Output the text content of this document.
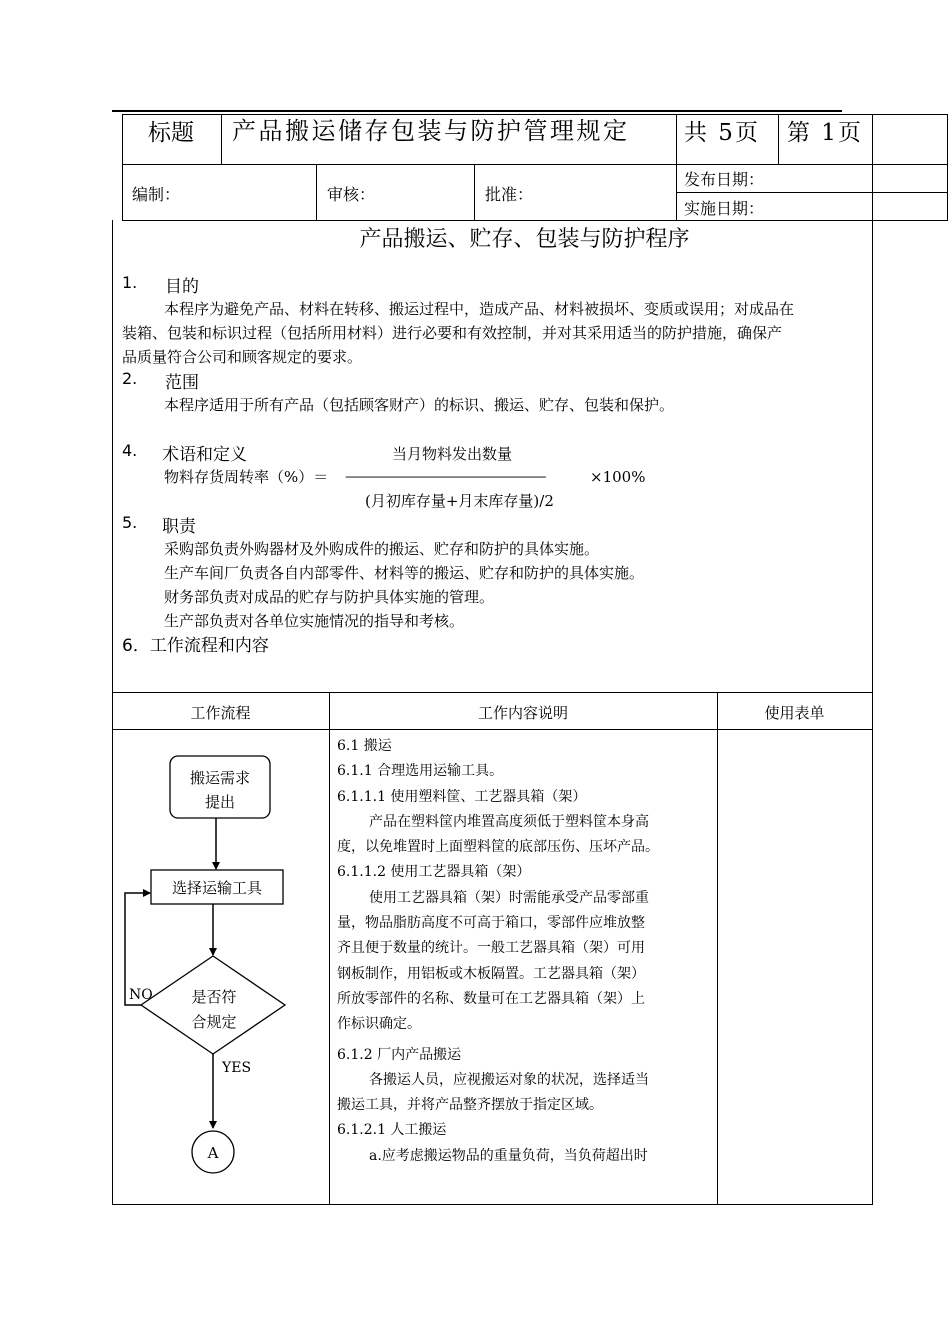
标题 产品搬运储存包装与防护管理规定 共 5页 第 1页
编制：	审核：	批准：
发布日期：
实施日期：
产品搬运、贮存、包装与防护程序
1. 目的
本程序为避免产品、材料在转移、搬运过程中，造成产品、材料被损坏、变质或误用；对成品在
装箱、包装和标识过程（包括所用材料）进行必要和有效控制，并对其采用适当的防护措施，确保产
品质量符合公司和顾客规定的要求。
2. 范围
本程序适用于所有产品（包括顾客财产）的标识、搬运、贮存、包装和保护。
4. 术语和定义	当月物料发出数量
物料存货周转率（%）＝ ————————————————	×100%
(月初库存量+月末库存量)/2
5. 职责
采购部负责外购器材及外购成件的搬运、贮存和防护的具体实施。
生产车间厂负责各自内部零件、材料等的搬运、贮存和防护的具体实施。
财务部负责对成品的贮存与防护具体实施的管理。
生产部负责对各单位实施情况的指导和考核。
6．工作流程和内容
工作流程	工作内容说明	使用表单
搬运需求
提出
选择运输工具
是否符
合规定
NO
YES
A
6.1 搬运
6.1.1 合理选用运输工具。
6.1.1.1 使用塑料筐、工艺器具箱（架）
产品在塑料筐内堆置高度须低于塑料筐本身高
度，以免堆置时上面塑料筐的底部压伤、压坏产品。
6.1.1.2 使用工艺器具箱（架）
使用工艺器具箱（架）时需能承受产品零部重
量，物品脂肪高度不可高于箱口，零部件应堆放整
齐且便于数量的统计。一般工艺器具箱（架）可用
钢板制作，用铝板或木板隔置。工艺器具箱（架）
所放零部件的名称、数量可在工艺器具箱（架）上
作标识确定。
6.1.2 厂内产品搬运
各搬运人员，应视搬运对象的状况，选择适当
搬运工具，并将产品整齐摆放于指定区域。
6.1.2.1 人工搬运
a.应考虑搬运物品的重量负荷，当负荷超出时
